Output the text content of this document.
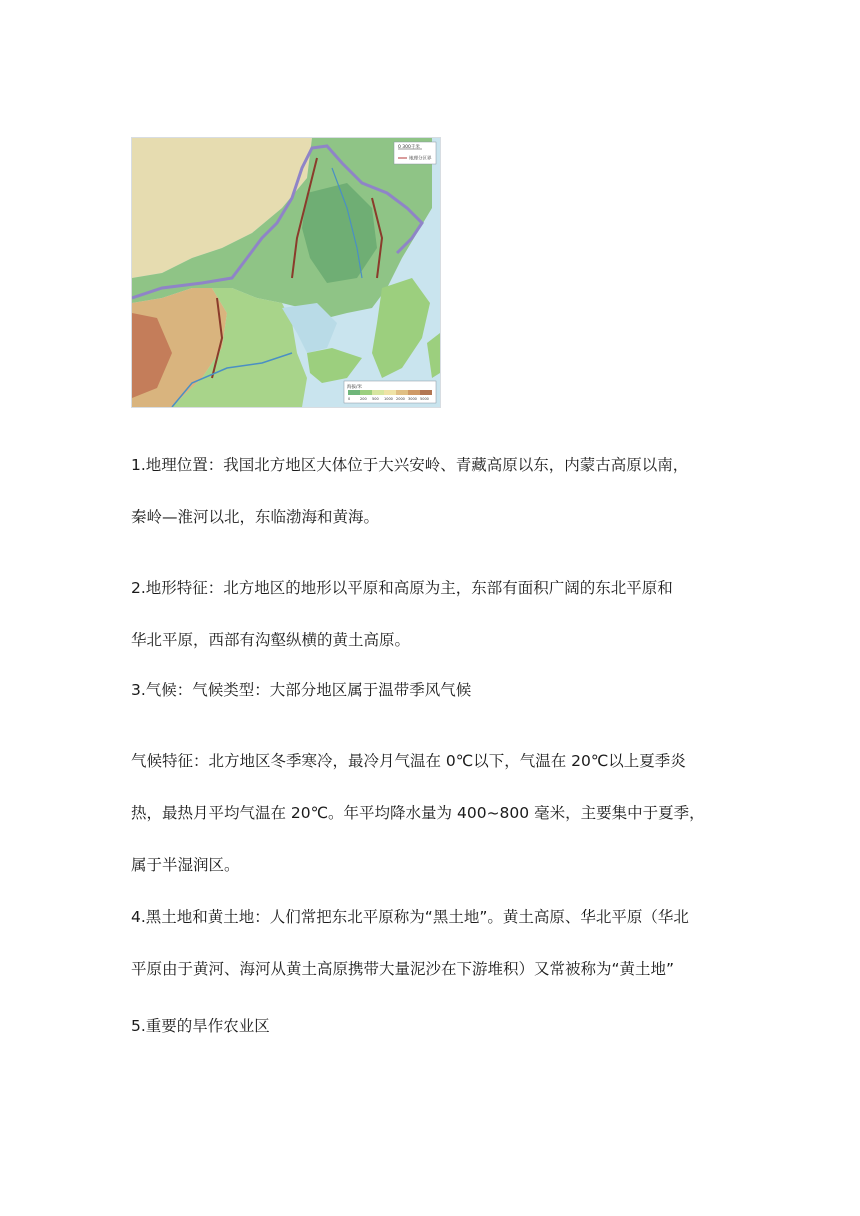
0 300千米
地理分区界
海拔/米
0	200 500 1000 2000 3000 5000
1.地理位置：我国北方地区大体位于大兴安岭、青藏高原以东，内蒙古高原以南，
秦岭—淮河以北，东临渤海和黄海。
2.地形特征：北方地区的地形以平原和高原为主，东部有面积广阔的东北平原和
华北平原，西部有沟壑纵横的黄土高原。
3.气候：气候类型：大部分地区属于温带季风气候
气候特征：北方地区冬季寒冷，最冷月气温在 0℃以下，气温在 20℃以上夏季炎
热，最热月平均气温在 20℃。年平均降水量为 400~800 毫米，主要集中于夏季，
属于半湿润区。
4.黑土地和黄土地：人们常把东北平原称为“黑土地”。黄土高原、华北平原（华北
平原由于黄河、海河从黄土高原携带大量泥沙在下游堆积）又常被称为“黄土地”
5.重要的旱作农业区
